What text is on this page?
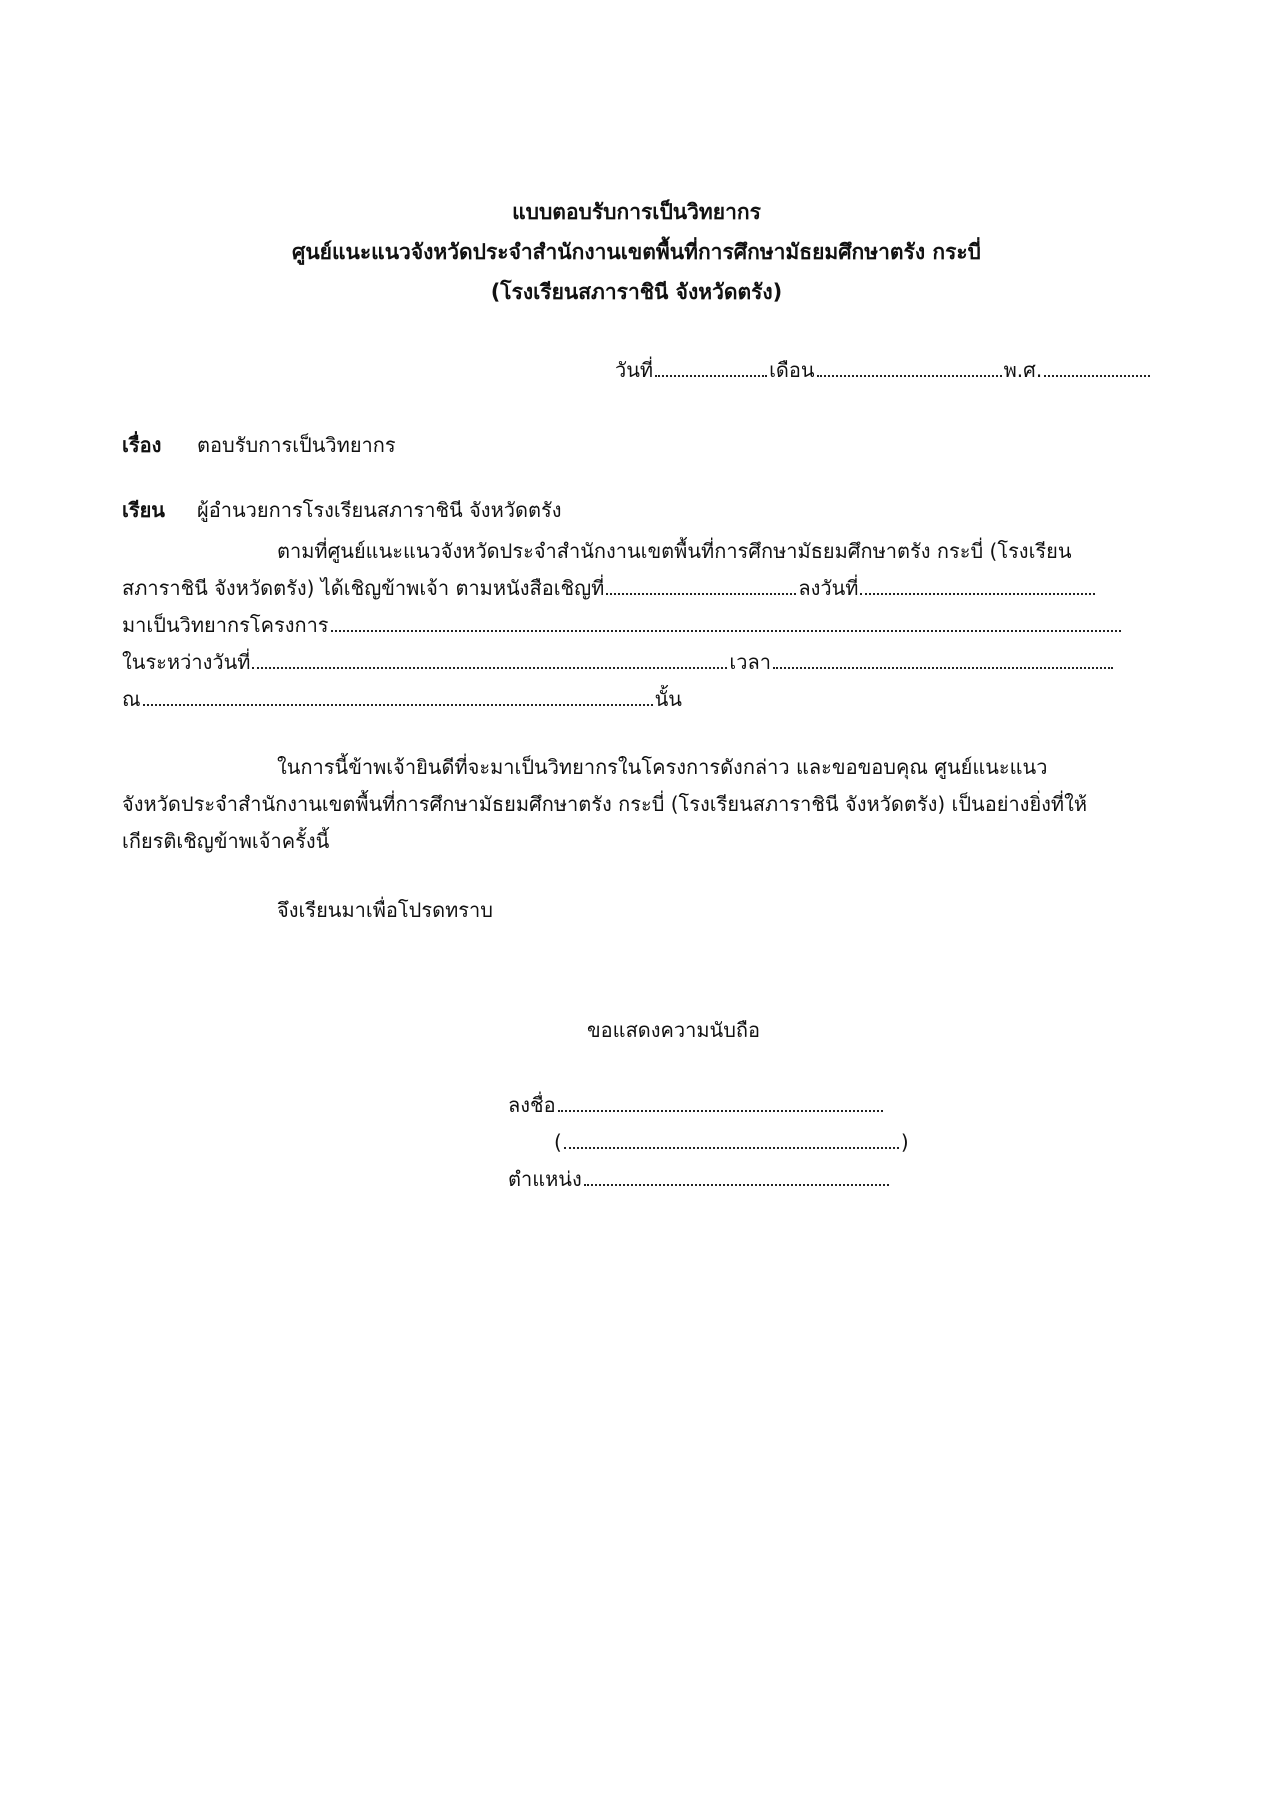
แบบตอบรับการเป็นวิทยากร
ศูนย์แนะแนวจังหวัดประจำสำนักงานเขตพื้นที่การศึกษามัธยมศึกษาตรัง กระบี่
(โรงเรียนสภาราชินี จังหวัดตรัง)
วันที่	เดือน	พ.ศ.
เรื่อง ตอบรับการเป็นวิทยากร
เรียน ผู้อำนวยการโรงเรียนสภาราชินี จังหวัดตรัง
ตามที่ศูนย์แนะแนวจังหวัดประจำสำนักงานเขตพื้นที่การศึกษามัธยมศึกษาตรัง กระบี่ (โรงเรียน
สภาราชินี จังหวัดตรัง) ได้เชิญข้าพเจ้า ตามหนังสือเชิญที่	ลงวันที่
มาเป็นวิทยากรโครงการ
ในระหว่างวันที่	เวลา
ณ	นั้น
ในการนี้ข้าพเจ้ายินดีที่จะมาเป็นวิทยากรในโครงการดังกล่าว และขอขอบคุณ ศูนย์แนะแนว
จังหวัดประจำสำนักงานเขตพื้นที่การศึกษามัธยมศึกษาตรัง กระบี่ (โรงเรียนสภาราชินี จังหวัดตรัง) เป็นอย่างยิ่งที่ให้
เกียรติเชิญข้าพเจ้าครั้งนี้
จึงเรียนมาเพื่อโปรดทราบ
ขอแสดงความนับถือ
ลงชื่อ
(	)
ตำแหน่ง
